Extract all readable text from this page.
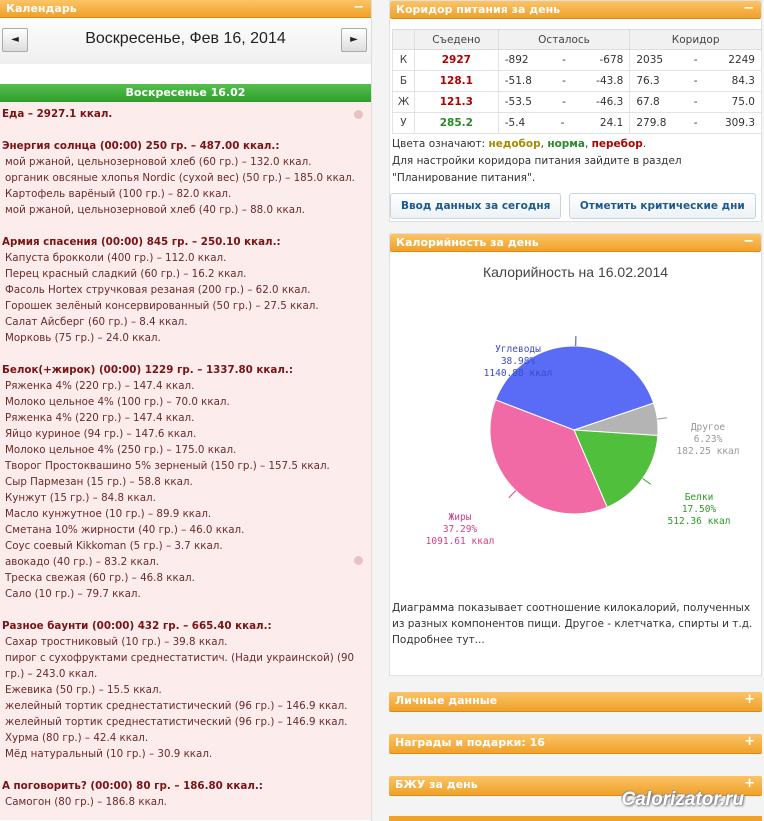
Календарь	−
◄	Воскресенье, Фев 16, 2014	►
Воскресенье 16.02
Еда – 2927.1 ккал.
Энергия солнца (00:00) 250 гр. – 487.00 ккал.:
мой ржаной, цельнозерновой хлеб (60 гр.) – 132.0 ккал.
органик овсяные хлопья Nordic (сухой вес) (50 гр.) – 185.0 ккал.
Картофель варёный (100 гр.) – 82.0 ккал.
мой ржаной, цельнозерновой хлеб (40 гр.) – 88.0 ккал.
Армия спасения (00:00) 845 гр. – 250.10 ккал.:
Капуста брокколи (400 гр.) – 112.0 ккал.
Перец красный сладкий (60 гр.) – 16.2 ккал.
Фасоль Hortex стручковая резаная (200 гр.) – 62.0 ккал.
Горошек зелёный консервированный (50 гр.) – 27.5 ккал.
Салат Айсберг (60 гр.) – 8.4 ккал.
Морковь (75 гр.) – 24.0 ккал.
Белок(+жирок) (00:00) 1229 гр. – 1337.80 ккал.:
Ряженка 4% (220 гр.) – 147.4 ккал.
Молоко цельное 4% (100 гр.) – 70.0 ккал.
Ряженка 4% (220 гр.) – 147.4 ккал.
Яйцо куриное (94 гр.) – 147.6 ккал.
Молоко цельное 4% (250 гр.) – 175.0 ккал.
Творог Простоквашино 5% зерненый (150 гр.) – 157.5 ккал.
Сыр Пармезан (15 гр.) – 58.8 ккал.
Кунжут (15 гр.) – 84.8 ккал.
Масло кунжутное (10 гр.) – 89.9 ккал.
Сметана 10% жирности (40 гр.) – 46.0 ккал.
Соус соевый Kikkoman (5 гр.) – 3.7 ккал.
авокадо (40 гр.) – 83.2 ккал.
Треска свежая (60 гр.) – 46.8 ккал.
Сало (10 гр.) – 79.7 ккал.
Разное баунти (00:00) 432 гр. – 665.40 ккал.:
Сахар тростниковый (10 гр.) – 39.8 ккал.
пирог с сухофруктами среднестатистич. (Нади украинской) (90 гр.) – 243.0 ккал.
Ежевика (50 гр.) – 15.5 ккал.
желейный тортик среднестатистический (96 гр.) – 146.9 ккал.
желейный тортик среднестатистический (96 гр.) – 146.9 ккал.
Хурма (80 гр.) – 42.4 ккал.
Мёд натуральный (10 гр.) – 30.9 ккал.
А поговорить? (00:00) 80 гр. – 186.80 ккал.:
Самогон (80 гр.) – 186.8 ккал.
Коридор питания за день	−
	Съедено	Осталось	Коридор
К	2927	-892 - -678	2035 - 2249

Б	128.1	-51.8 - -43.8	76.3 - 84.3

Ж	121.3	-53.5 - -46.3	67.8 - 75.0

У	285.2	-5.4 - 24.1	279.8 - 309.3
Цвета означают: недобор, норма, перебор.
Для настройки коридора питания зайдите в раздел "Планирование питания".
Ввод данных за сегодня	Отметить критические дни
Калорийность за день	−
Калорийность на 16.02.2014
Углеводы
38.98%
1140.88 ккал
Другое
6.23%
182.25 ккал
Белки
17.50%
512.36 ккал
Жиры
37.29%
1091.61 ккал
Диаграмма показывает соотношение килокалорий, полученных из разных компонентов пищи. Другое - клетчатка, спирты и т.д. Подробнее тут...
Личные данные	+
Награды и подарки: 16	+
БЖУ за день	+
Calorizator.ru
